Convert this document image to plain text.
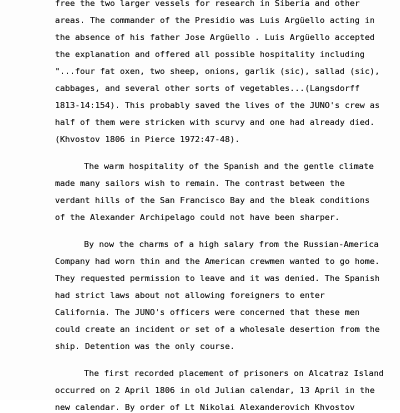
free the two larger vessels for research in Siberia and other
areas. The commander of the Presidio was Luis Argüello acting in
the absence of his father Jose Argüello . Luis Argüello accepted
the explanation and offered all possible hospitality including
"...four fat oxen, two sheep, onions, garlik (sic), sallad (sic),
cabbages, and several other sorts of vegetables...(Langsdorff
1813-14:154). This probably saved the lives of the JUNO's crew as
half of them were stricken with scurvy and one had already died.
(Khvostov 1806 in Pierce 1972:47-48).
The warm hospitality of the Spanish and the gentle climate
made many sailors wish to remain. The contrast between the
verdant hills of the San Francisco Bay and the bleak conditions
of the Alexander Archipelago could not have been sharper.
By now the charms of a high salary from the Russian-America
Company had worn thin and the American crewmen wanted to go home.
They requested permission to leave and it was denied. The Spanish
had strict laws about not allowing foreigners to enter
California. The JUNO's officers were concerned that these men
could create an incident or set of a wholesale desertion from the
ship. Detention was the only course.
The first recorded placement of prisoners on Alcatraz Island
occurred on 2 April 1806 in old Julian calendar, 13 April in the
new calendar. By order of Lt Nikolai Alexanderovich Khvostov
